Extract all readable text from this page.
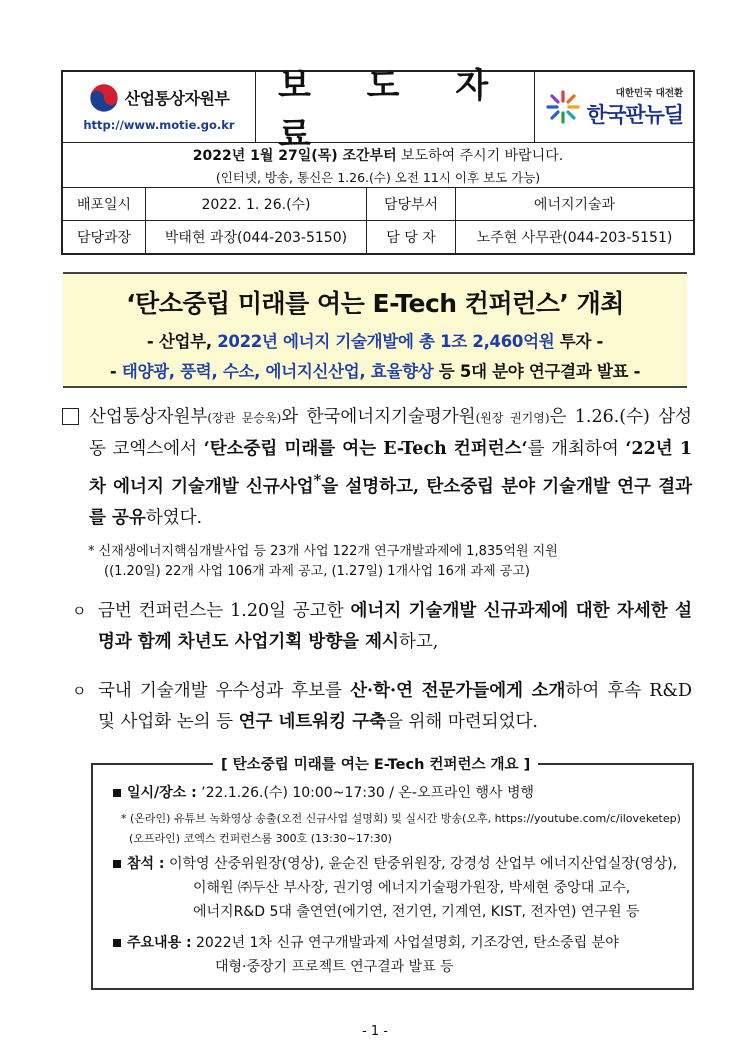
산업통상자원부
http://www.motie.go.kr
보 도 자 료
대한민국 대전환
한국판뉴딜
2022년 1월 27일(목) 조간부터 보도하여 주시기 바랍니다.
(인터넷, 방송, 통신은 1.26.(수) 오전 11시 이후 보도 가능)
배포일시	2022. 1. 26.(수)	담당부서	에너지기술과
담당과장	박태현 과장(044-203-5150)	담 당 자	노주현 사무관(044-203-5151)
‘탄소중립 미래를 여는 E-Tech 컨퍼런스’ 개최
- 산업부, 2022년 에너지 기술개발에 총 1조 2,460억원 투자 -
- 태양광, 풍력, 수소, 에너지신산업, 효율향상 등 5대 분야 연구결과 발표 -
산업통상자원부(장관 문승욱)와 한국에너지기술평가원(원장 권기영)은 1.26.(수) 삼성동 코엑스에서 ‘탄소중립 미래를 여는 E-Tech 컨퍼런스‘를 개최하여 ‘22년 1차 에너지 기술개발 신규사업*을 설명하고, 탄소중립 분야 기술개발 연구 결과를 공유하였다.
* 신재생에너지핵심개발사업 등 23개 사업 122개 연구개발과제에 1,835억원 지원
((1.20일) 22개 사업 106개 과제 공고, (1.27일) 1개사업 16개 과제 공고)
ㅇ 금번 컨퍼런스는 1.20일 공고한 에너지 기술개발 신규과제에 대한 자세한 설명과 함께 차년도 사업기획 방향을 제시하고,
ㅇ 국내 기술개발 우수성과 후보를 산·학·연 전문가들에게 소개하여 후속 R&D 및 사업화 논의 등 연구 네트워킹 구축을 위해 마련되었다.
[ 탄소중립 미래를 여는 E-Tech 컨퍼런스 개요 ]
일시/장소 : ’22.1.26.(수) 10:00~17:30 / 온-오프라인 행사 병행
* (온라인) 유튜브 녹화영상 송출(오전 신규사업 설명회) 및 실시간 방송(오후, https://youtube.com/c/iloveketep)
(오프라인) 코엑스 컨퍼런스룸 300호 (13:30~17:30)
참석 : 이학영 산중위원장(영상), 윤순진 탄중위원장, 강경성 산업부 에너지산업실장(영상),
이해원 ㈜두산 부사장, 권기영 에너지기술평가원장, 박세현 중앙대 교수,
에너지R&D 5대 출연연(에기연, 전기연, 기계연, KIST, 전자연) 연구원 등
주요내용 : 2022년 1차 신규 연구개발과제 사업설명회, 기조강연, 탄소중립 분야
대형·중장기 프로젝트 연구결과 발표 등
- 1 -
